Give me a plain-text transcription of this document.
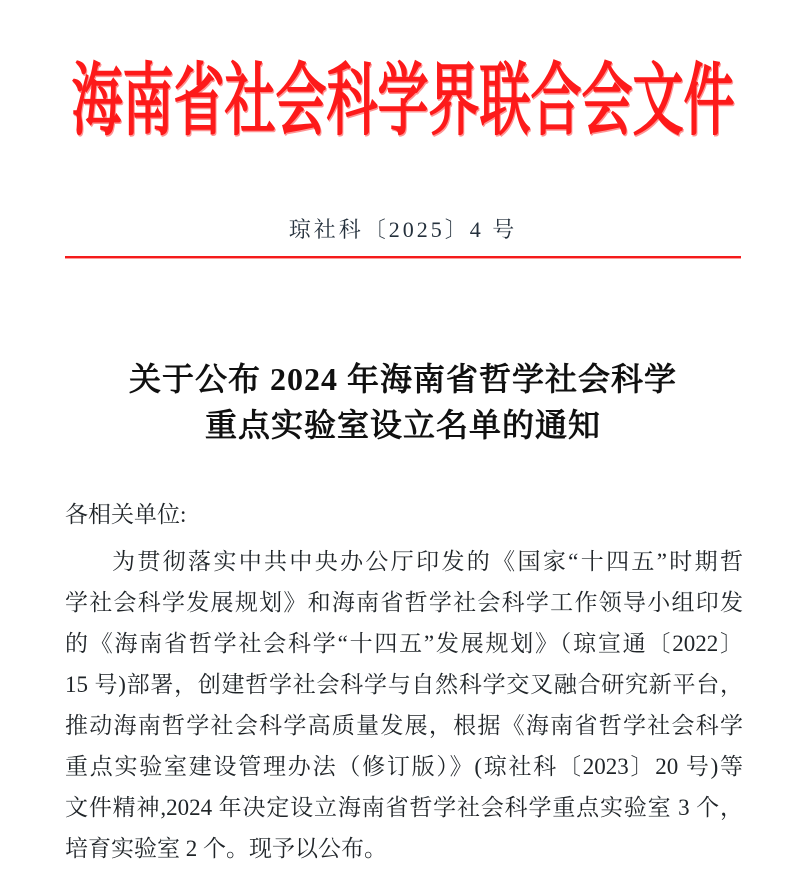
海南省社会科学界联合会文件
琼社科〔2025〕4 号
关于公布 2024 年海南省哲学社会科学
重点实验室设立名单的通知
各相关单位:
为贯彻落实中共中央办公厅印发的《国家“十四五”时期哲
学社会科学发展规划》和海南省哲学社会科学工作领导小组印发
的《海南省哲学社会科学“十四五”发展规划》（琼宣通〔2022〕
15 号)部署，创建哲学社会科学与自然科学交叉融合研究新平台，
推动海南哲学社会科学高质量发展，根据《海南省哲学社会科学
重点实验室建设管理办法（修订版）》(琼社科〔2023〕20 号)等
文件精神,2024 年决定设立海南省哲学社会科学重点实验室 3 个，
培育实验室 2 个。现予以公布。
